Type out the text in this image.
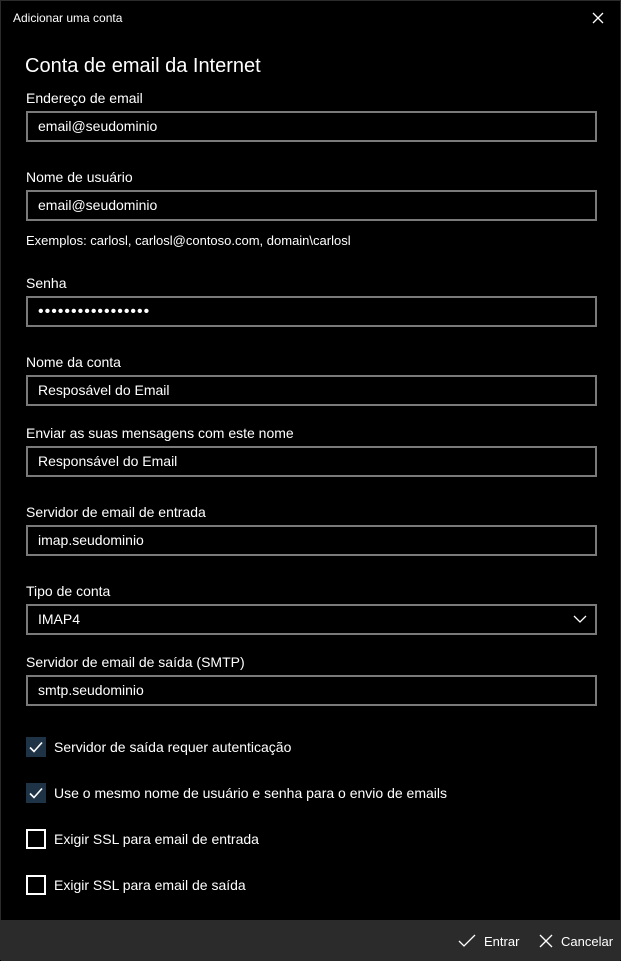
Adicionar uma conta
Conta de email da Internet
Endereço de email
email@seudominio
Nome de usuário
email@seudominio
Exemplos: carlosl, carlosl@contoso.com, domain\carlosl
Senha
•••••••••••••••••
Nome da conta
Resposável do Email
Enviar as suas mensagens com este nome
Responsável do Email
Servidor de email de entrada
imap.seudominio
Tipo de conta
IMAP4
Servidor de email de saída (SMTP)
smtp.seudominio
Servidor de saída requer autenticação
Use o mesmo nome de usuário e senha para o envio de emails
Exigir SSL para email de entrada
Exigir SSL para email de saída
Entrar	Cancelar
